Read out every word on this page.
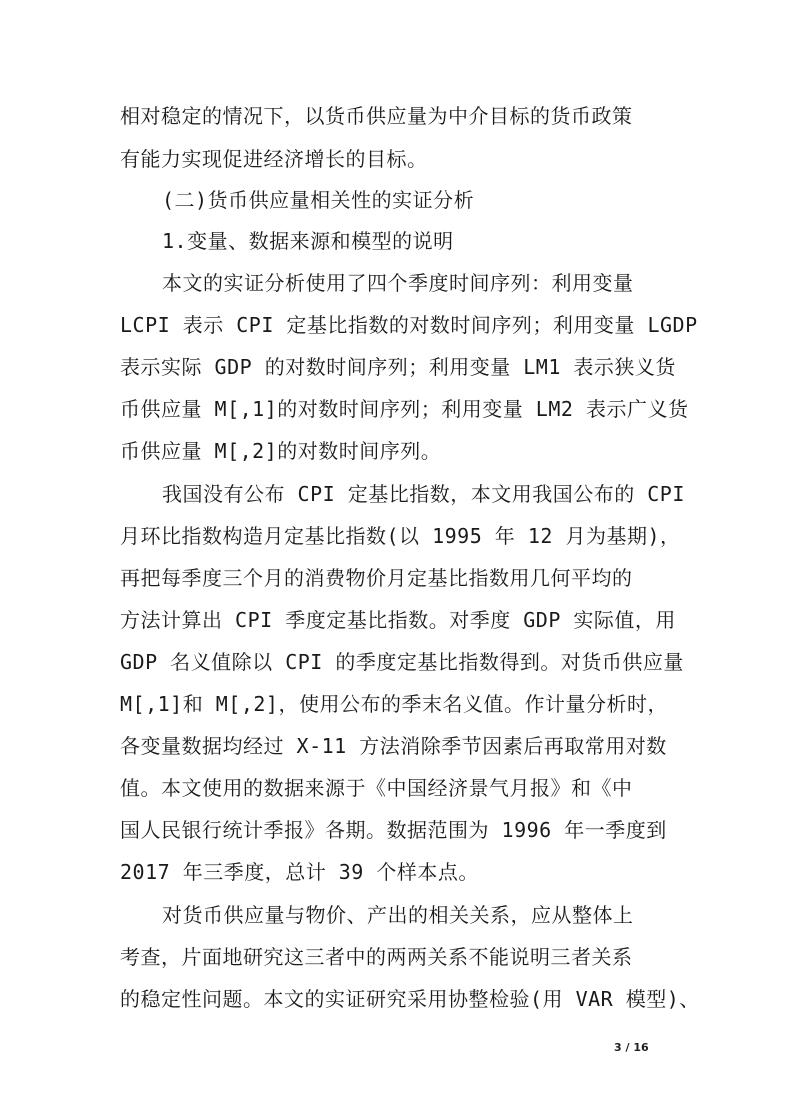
相对稳定的情况下，以货币供应量为中介目标的货币政策

有能力实现促进经济增长的目标。

(二)货币供应量相关性的实证分析

1.变量、数据来源和模型的说明

本文的实证分析使用了四个季度时间序列：利用变量

LCPI 表示 CPI 定基比指数的对数时间序列；利用变量 LGDP

表示实际 GDP 的对数时间序列；利用变量 LM1 表示狭义货

币供应量 M[,1]的对数时间序列；利用变量 LM2 表示广义货

币供应量 M[,2]的对数时间序列。

我国没有公布 CPI 定基比指数，本文用我国公布的 CPI

月环比指数构造月定基比指数(以 1995 年 12 月为基期)，

再把每季度三个月的消费物价月定基比指数用几何平均的

方法计算出 CPI 季度定基比指数。对季度 GDP 实际值，用

GDP 名义值除以 CPI 的季度定基比指数得到。对货币供应量

M[,1]和 M[,2]，使用公布的季末名义值。作计量分析时，

各变量数据均经过 X-11 方法消除季节因素后再取常用对数

值。本文使用的数据来源于《中国经济景气月报》和《中

国人民银行统计季报》各期。数据范围为 1996 年一季度到

2017 年三季度，总计 39 个样本点。

对货币供应量与物价、产出的相关关系，应从整体上

考查，片面地研究这三者中的两两关系不能说明三者关系

的稳定性问题。本文的实证研究采用协整检验(用 VAR 模型)、

3 / 16
